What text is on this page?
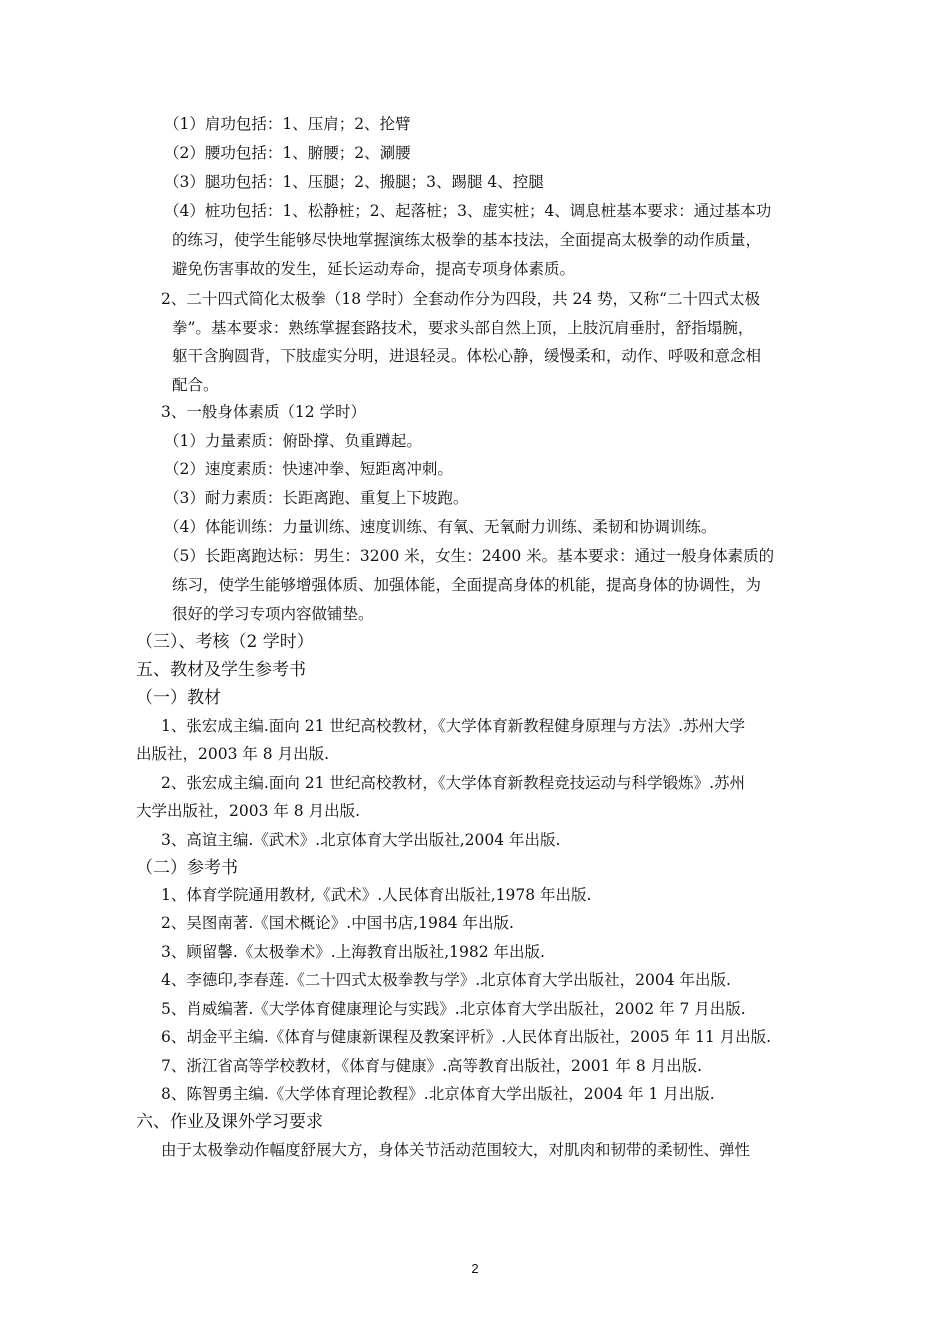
（1）肩功包括：1、压肩；2、抡臂
（2）腰功包括：1、腑腰；2、涮腰
（3）腿功包括：1、压腿；2、搬腿；3、踢腿 4、控腿
（4）桩功包括：1、松静桩；2、起落桩；3、虚实桩；4、调息桩基本要求：通过基本功
的练习，使学生能够尽快地掌握演练太极拳的基本技法，全面提高太极拳的动作质量，
避免伤害事故的发生，延长运动寿命，提高专项身体素质。
2、二十四式简化太极拳（18 学时）全套动作分为四段，共 24 势，又称“二十四式太极
拳”。基本要求：熟练掌握套路技术，要求头部自然上顶，上肢沉肩垂肘，舒指塌腕，
躯干含胸圆背，下肢虚实分明，进退轻灵。体松心静，缓慢柔和，动作、呼吸和意念相
配合。
3、一般身体素质（12 学时）
（1）力量素质：俯卧撑、负重蹲起。
（2）速度素质：快速冲拳、短距离冲刺。
（3）耐力素质：长距离跑、重复上下坡跑。
（4）体能训练：力量训练、速度训练、有氧、无氧耐力训练、柔韧和协调训练。
（5）长距离跑达标：男生：3200 米，女生：2400 米。基本要求：通过一般身体素质的
练习，使学生能够增强体质、加强体能，全面提高身体的机能，提高身体的协调性，为
很好的学习专项内容做铺垫。
（三）、考核（2 学时）
五、教材及学生参考书
（一）教材
1、张宏成主编.面向 21 世纪高校教材，《大学体育新教程健身原理与方法》.苏州大学
出版社，2003 年 8 月出版.
2、张宏成主编.面向 21 世纪高校教材，《大学体育新教程竞技运动与科学锻炼》.苏州
大学出版社，2003 年 8 月出版.
3、高谊主编.《武术》.北京体育大学出版社,2004 年出版.
（二）参考书
1、体育学院通用教材,《武术》.人民体育出版社,1978 年出版.
2、吴图南著.《国术概论》.中国书店,1984 年出版.
3、顾留馨.《太极拳术》.上海教育出版社,1982 年出版.
4、李德印,李春莲.《二十四式太极拳教与学》.北京体育大学出版社，2004 年出版.
5、肖威编著.《大学体育健康理论与实践》.北京体育大学出版社，2002 年 7 月出版.
6、胡金平主编.《体育与健康新课程及教案评析》.人民体育出版社，2005 年 11 月出版.
7、浙江省高等学校教材，《体育与健康》.高等教育出版社，2001 年 8 月出版.
8、陈智勇主编.《大学体育理论教程》.北京体育大学出版社，2004 年 1 月出版.
六、作业及课外学习要求
由于太极拳动作幅度舒展大方，身体关节活动范围较大，对肌肉和韧带的柔韧性、弹性
2
